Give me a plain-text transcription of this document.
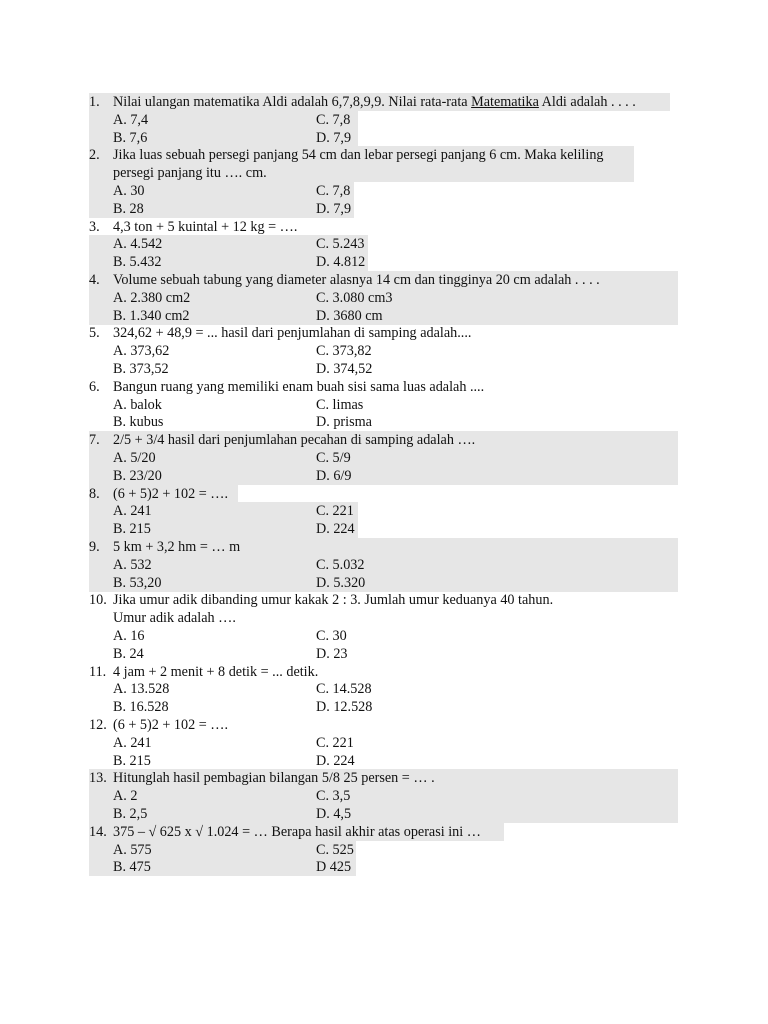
1. Nilai ulangan matematika Aldi adalah 6,7,8,9,9. Nilai rata-rata Matematika Aldi adalah . . . .
A. 7,4	C. 7,8
B. 7,6	D. 7,9
2. Jika luas sebuah persegi panjang 54 cm dan lebar persegi panjang 6 cm. Maka keliling
persegi panjang itu …. cm.
A. 30	C. 7,8
B. 28	D. 7,9
3. 4,3 ton + 5 kuintal + 12 kg = ….
A. 4.542	C. 5.243
B. 5.432	D. 4.812
4. Volume sebuah tabung yang diameter alasnya 14 cm dan tingginya 20 cm adalah . . . .
A. 2.380 cm2	C. 3.080 cm3
B. 1.340 cm2	D. 3680 cm
5. 324,62 + 48,9 = ... hasil dari penjumlahan di samping adalah....
A. 373,62	C. 373,82
B. 373,52	D. 374,52
6. Bangun ruang yang memiliki enam buah sisi sama luas adalah ....
A. balok	C. limas
B. kubus	D. prisma
7. 2/5 + 3/4 hasil dari penjumlahan pecahan di samping adalah ….
A. 5/20	C. 5/9
B. 23/20	D. 6/9
8. (6 + 5)2 + 102 = ….
A. 241	C. 221
B. 215	D. 224
9. 5 km + 3,2 hm = … m
A. 532	C. 5.032
B. 53,20	D. 5.320
10. Jika umur adik dibanding umur kakak 2 : 3. Jumlah umur keduanya 40 tahun.
Umur adik adalah ….
A. 16	C. 30
B. 24	D. 23
11. 4 jam + 2 menit + 8 detik = ... detik.
A. 13.528	C. 14.528
B. 16.528	D. 12.528
12. (6 + 5)2 + 102 = ….
A. 241	C. 221
B. 215	D. 224
13. Hitunglah hasil pembagian bilangan 5/8 25 persen = … .
A. 2	C. 3,5
B. 2,5	D. 4,5
14. 375 – √ 625 x √ 1.024 = … Berapa hasil akhir atas operasi ini …
A. 575	C. 525
B. 475	D 425
